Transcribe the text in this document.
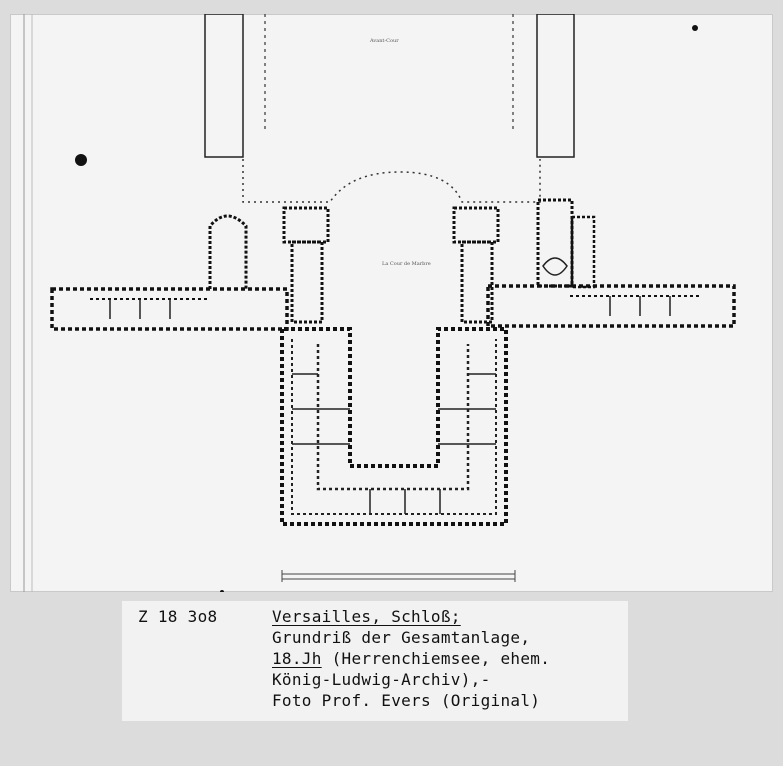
Avant-Cour
La Cour de Marbre
Z 18 3o8	Versailles, Schloß;
Grundriß der Gesamtanlage,
18.Jh (Herrenchiemsee, ehem.
König-Ludwig-Archiv),-
Foto Prof. Evers (Original)
